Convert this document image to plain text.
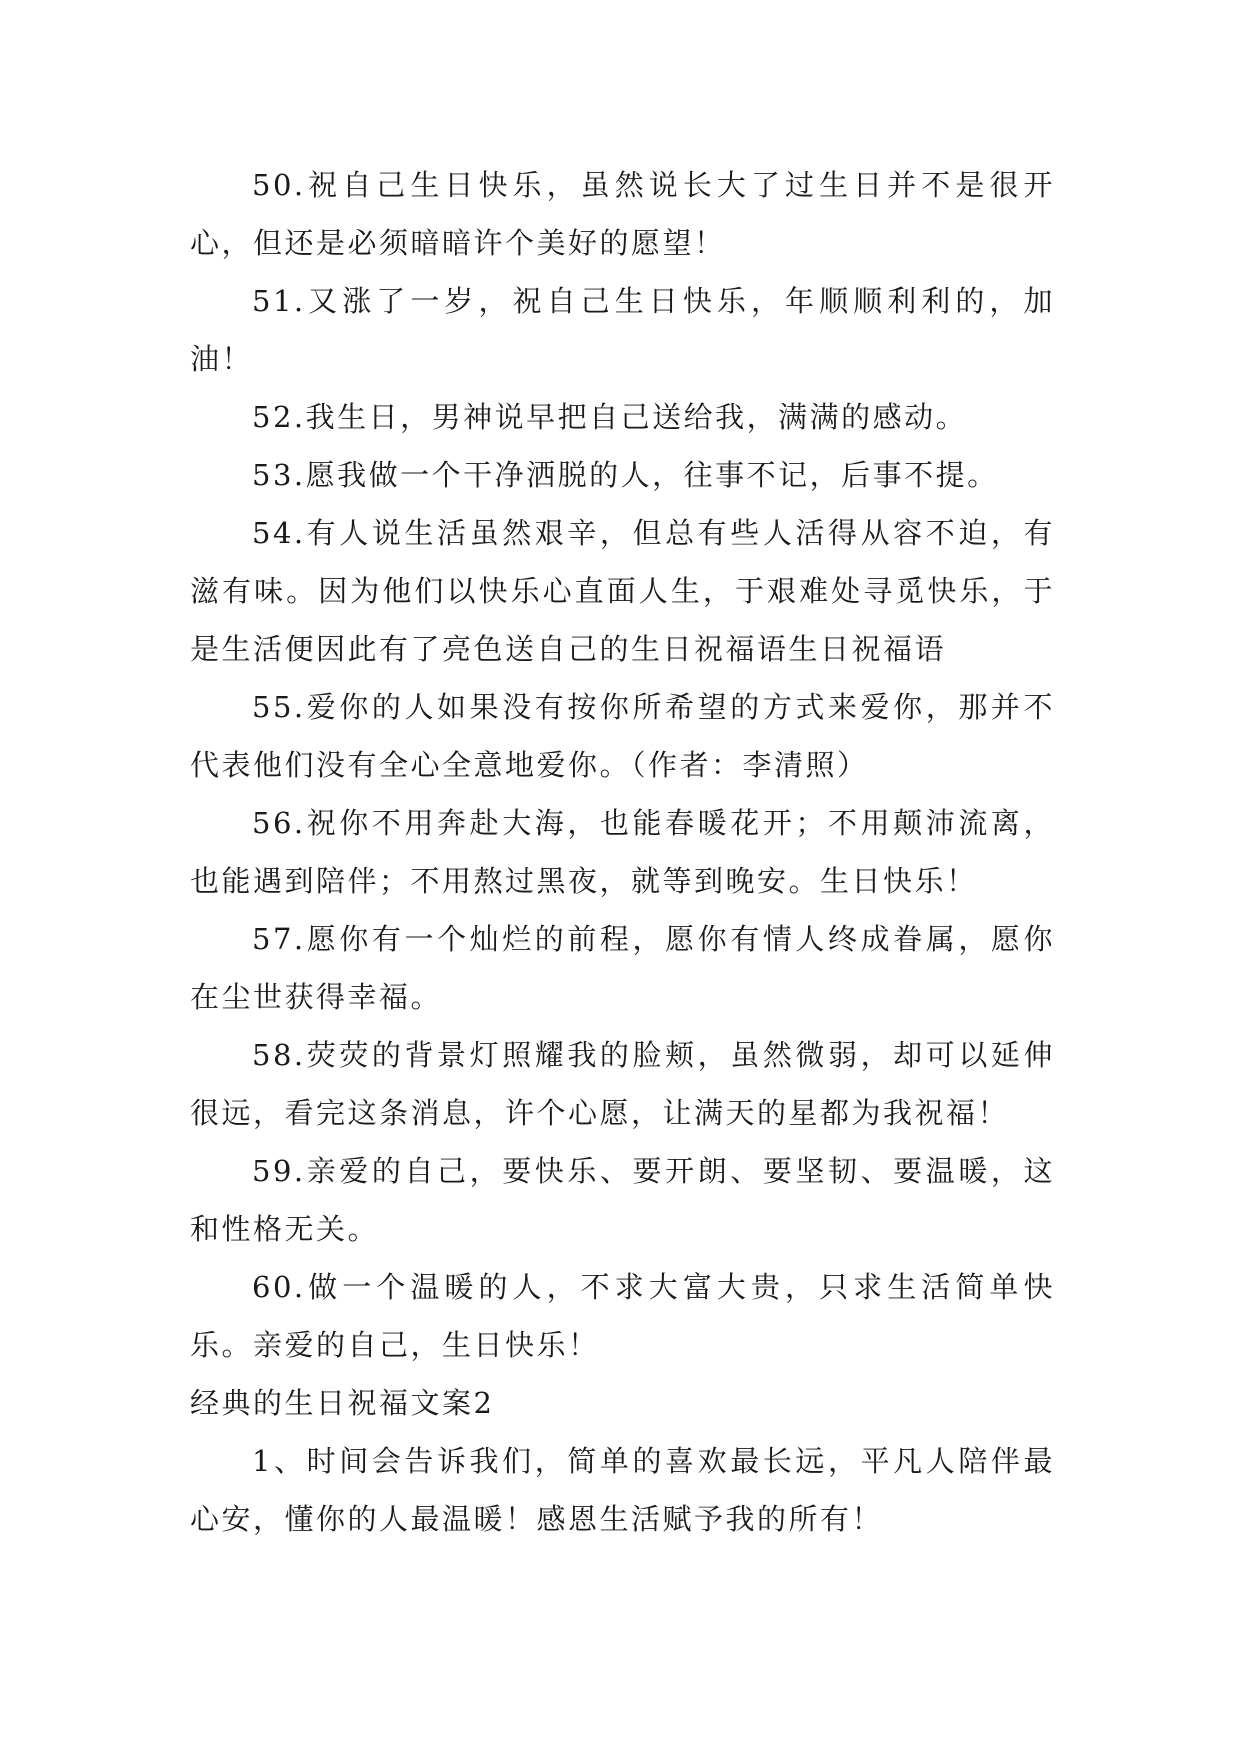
50.祝自己生日快乐，虽然说长大了过生日并不是很开心，但还是必须暗暗许个美好的愿望！

51.又涨了一岁，祝自己生日快乐，年顺顺利利的，加油！

52.我生日，男神说早把自己送给我，满满的感动。

53.愿我做一个干净洒脱的人，往事不记，后事不提。

54.有人说生活虽然艰辛，但总有些人活得从容不迫，有滋有味。因为他们以快乐心直面人生，于艰难处寻觅快乐，于是生活便因此有了亮色送自己的生日祝福语生日祝福语

55.爱你的人如果没有按你所希望的方式来爱你，那并不代表他们没有全心全意地爱你。（作者：李清照）

56.祝你不用奔赴大海，也能春暖花开；不用颠沛流离，也能遇到陪伴；不用熬过黑夜，就等到晚安。生日快乐！

57.愿你有一个灿烂的前程，愿你有情人终成眷属，愿你在尘世获得幸福。

58.荧荧的背景灯照耀我的脸颊，虽然微弱，却可以延伸很远，看完这条消息，许个心愿，让满天的星都为我祝福！

59.亲爱的自己，要快乐、要开朗、要坚韧、要温暖，这和性格无关。

60.做一个温暖的人，不求大富大贵，只求生活简单快乐。亲爱的自己，生日快乐！

经典的生日祝福文案2

1、时间会告诉我们，简单的喜欢最长远，平凡人陪伴最心安，懂你的人最温暖！感恩生活赋予我的所有！
